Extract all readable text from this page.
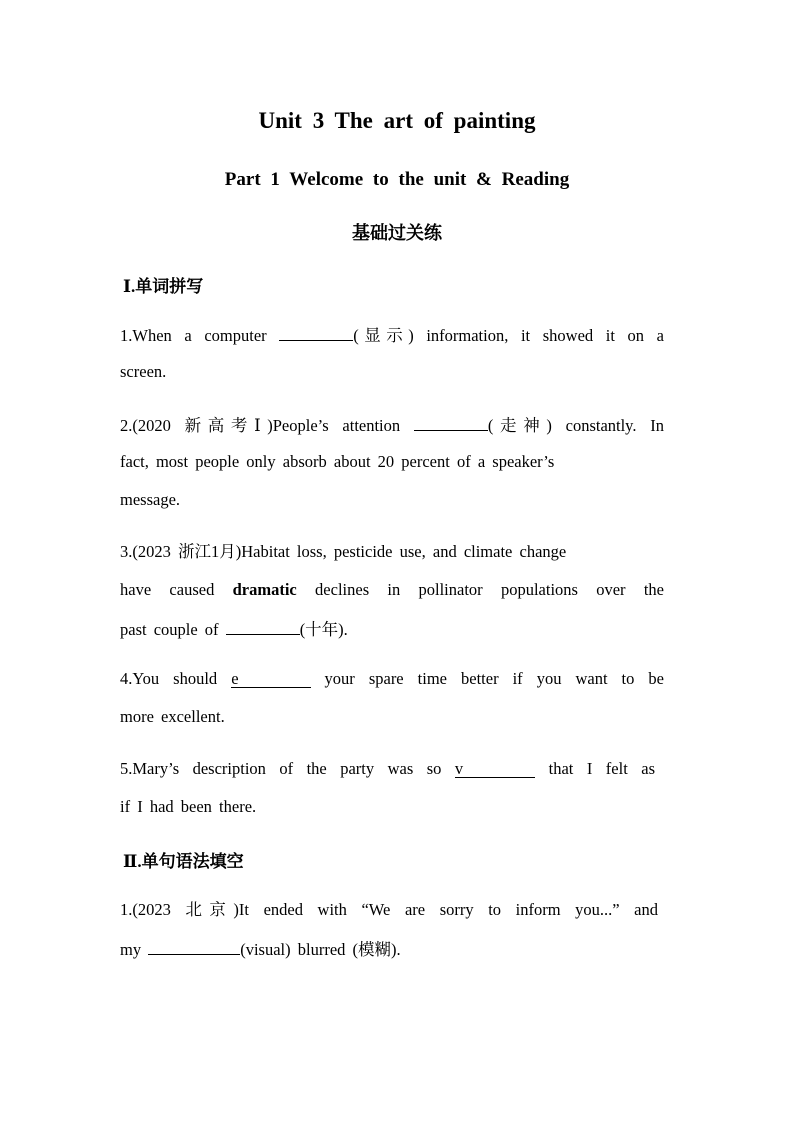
Unit 3 The art of painting
Part 1 Welcome to the unit & Reading
基础过关练
Ⅰ.单词拼写
1.When a computer	(显示) information, it showed it on a
screen.
2.(2020 新高考Ⅰ)People’s attention	(走神) constantly. In
fact, most people only absorb about 20 percent of a speaker’s
message.
3.(2023 浙江1月)Habitat loss, pesticide use, and climate change
have caused dramatic declines in pollinator populations over the
past couple of	(十年).
4.You should e	your spare time better if you want to be
more excellent.
5.Mary’s description of the party was so v	that I felt as
if I had been there.
Ⅱ.单句语法填空
1.(2023 北京)It ended with “We are sorry to inform you...” and
my	(visual) blurred (模糊).
